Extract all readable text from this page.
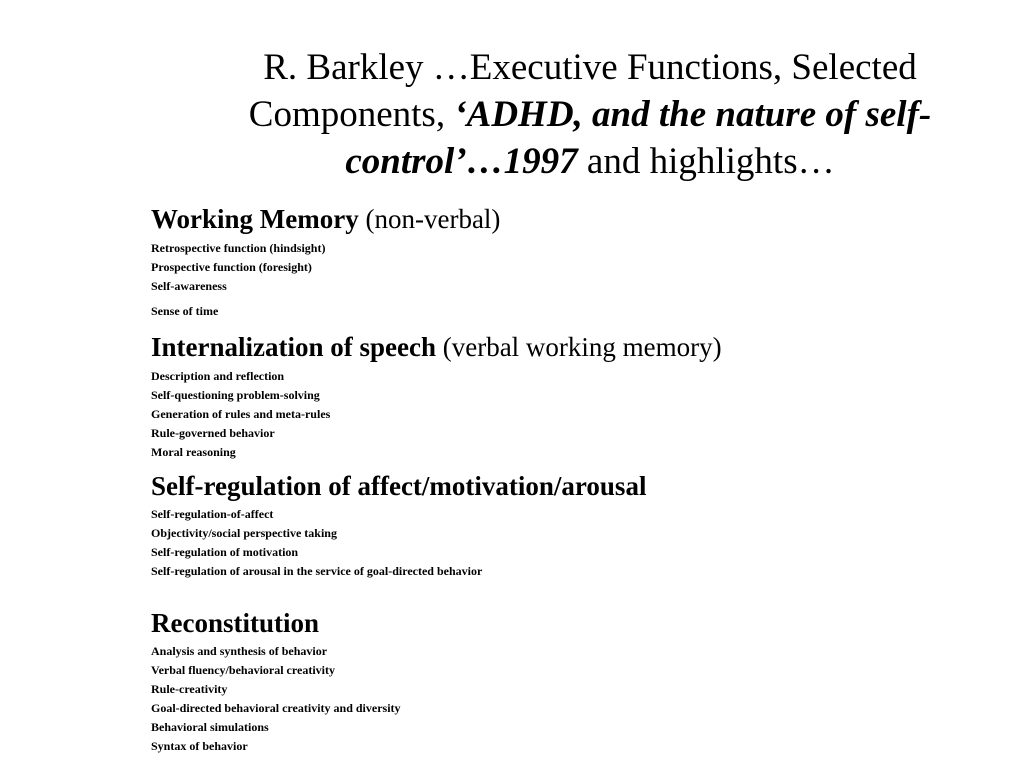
R. Barkley …Executive Functions, Selected Components, ‘ADHD, and the nature of self-control’…1997 and highlights…
Working Memory (non-verbal)
Retrospective function (hindsight)
Prospective function (foresight)
Self-awareness
Sense of time
Internalization of speech (verbal working memory)
Description and reflection
Self-questioning problem-solving
Generation of rules and meta-rules
Rule-governed behavior
Moral reasoning
Self-regulation of affect/motivation/arousal
Self-regulation-of-affect
Objectivity/social perspective taking
Self-regulation of motivation
Self-regulation of arousal in the service of goal-directed behavior
Reconstitution
Analysis and synthesis of behavior
Verbal fluency/behavioral creativity
Rule-creativity
Goal-directed behavioral creativity and diversity
Behavioral simulations
Syntax of behavior
